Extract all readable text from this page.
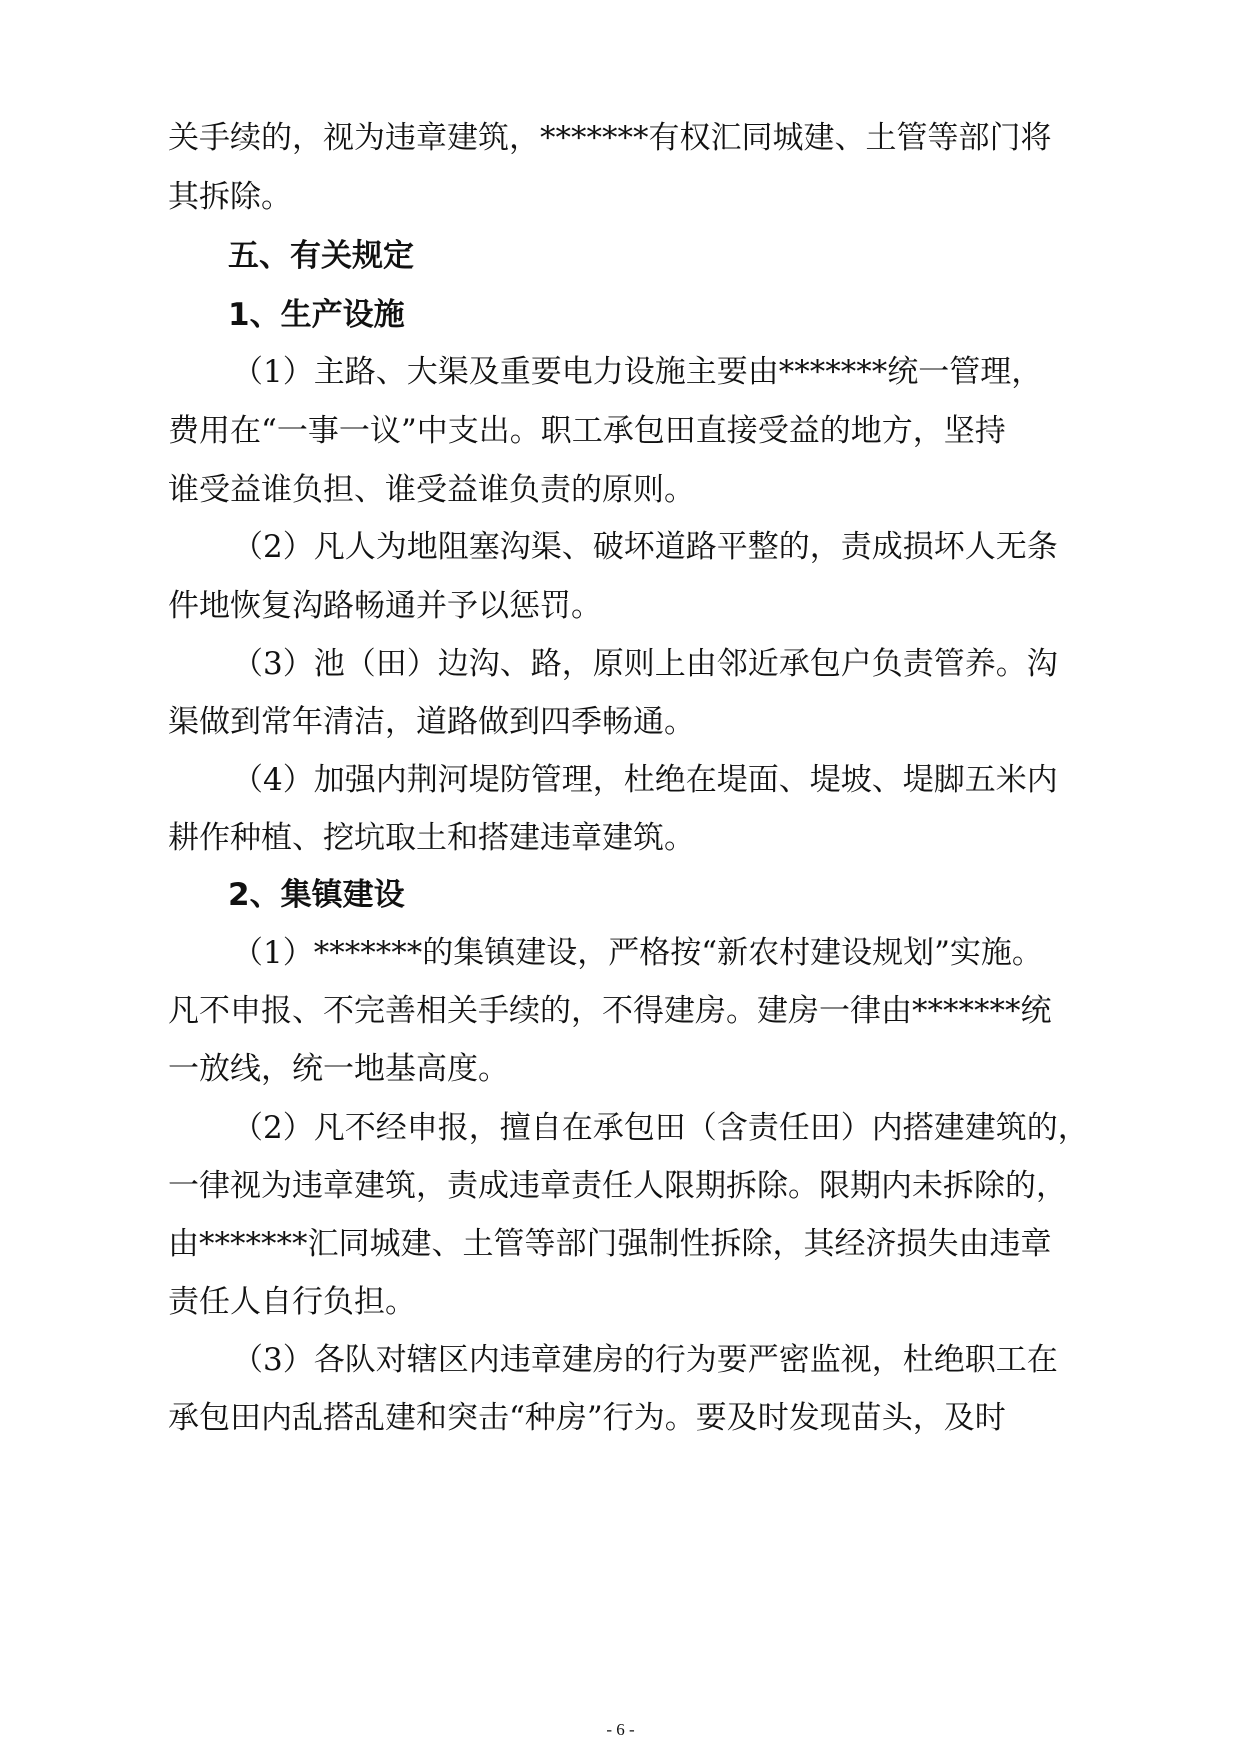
关手续的，视为违章建筑，*******有权汇同城建、土管等部门将
其拆除。
五、有关规定
1、生产设施
（1）主路、大渠及重要电力设施主要由*******统一管理，
费用在“一事一议”中支出。职工承包田直接受益的地方，坚持
谁受益谁负担、谁受益谁负责的原则。
（2）凡人为地阻塞沟渠、破坏道路平整的，责成损坏人无条
件地恢复沟路畅通并予以惩罚。
（3）池（田）边沟、路，原则上由邻近承包户负责管养。沟
渠做到常年清洁，道路做到四季畅通。
（4）加强内荆河堤防管理，杜绝在堤面、堤坡、堤脚五米内
耕作种植、挖坑取土和搭建违章建筑。
2、集镇建设
（1）*******的集镇建设，严格按“新农村建设规划”实施。
凡不申报、不完善相关手续的，不得建房。建房一律由*******统
一放线，统一地基高度。
（2）凡不经申报，擅自在承包田（含责任田）内搭建建筑的，
一律视为违章建筑，责成违章责任人限期拆除。限期内未拆除的，
由*******汇同城建、土管等部门强制性拆除，其经济损失由违章
责任人自行负担。
（3）各队对辖区内违章建房的行为要严密监视，杜绝职工在
承包田内乱搭乱建和突击“种房”行为。要及时发现苗头，及时
- 6 -
